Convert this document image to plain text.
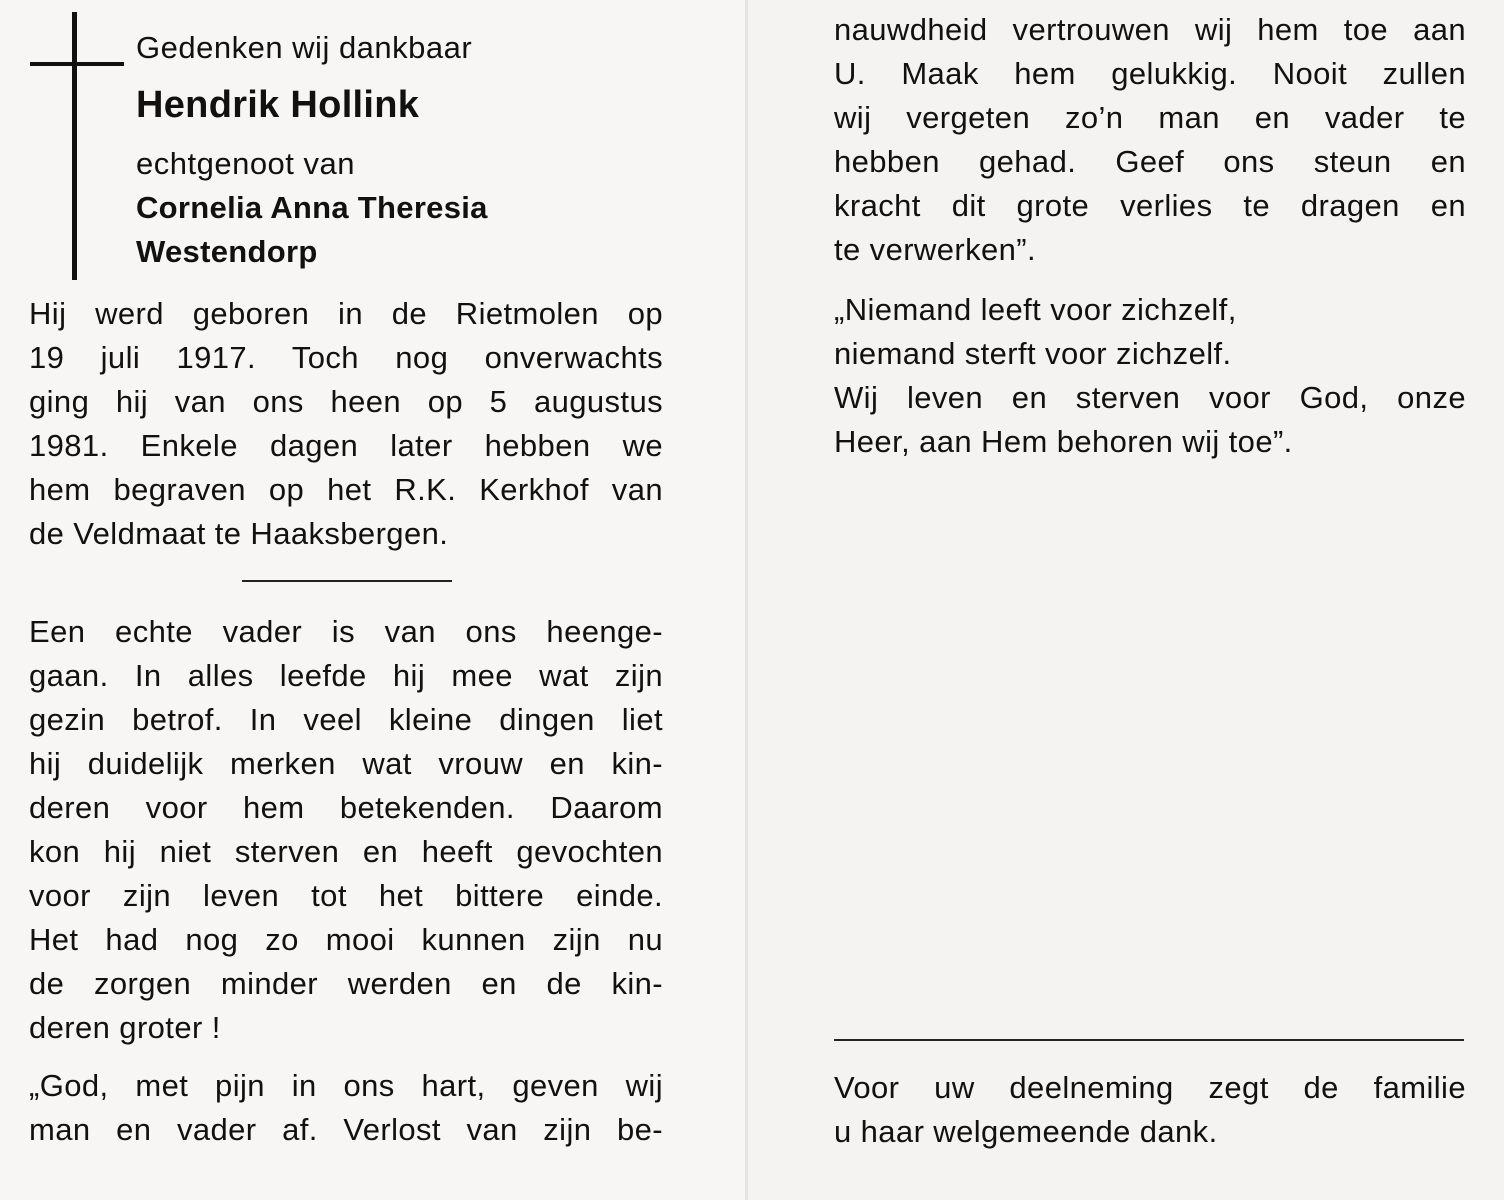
Gedenken wij dankbaar
Hendrik Hollink
echtgenoot van
Cornelia Anna Theresia
Westendorp
Hij werd geboren in de Rietmolen op
19 juli 1917. Toch nog onverwachts
ging hij van ons heen op 5 augustus
1981. Enkele dagen later hebben we
hem begraven op het R.K. Kerkhof van
de Veldmaat te Haaksbergen.
Een echte vader is van ons heenge-
gaan. In alles leefde hij mee wat zijn
gezin betrof. In veel kleine dingen liet
hij duidelijk merken wat vrouw en kin-
deren voor hem betekenden. Daarom
kon hij niet sterven en heeft gevochten
voor zijn leven tot het bittere einde.
Het had nog zo mooi kunnen zijn nu
de zorgen minder werden en de kin-
deren groter !
„God, met pijn in ons hart, geven wij
man en vader af. Verlost van zijn be-
nauwdheid vertrouwen wij hem toe aan
U. Maak hem gelukkig. Nooit zullen
wij vergeten zo’n man en vader te
hebben gehad. Geef ons steun en
kracht dit grote verlies te dragen en
te verwerken”.
„Niemand leeft voor zichzelf,
niemand sterft voor zichzelf.
Wij leven en sterven voor God, onze
Heer, aan Hem behoren wij toe”.
Voor uw deelneming zegt de familie
u haar welgemeende dank.
